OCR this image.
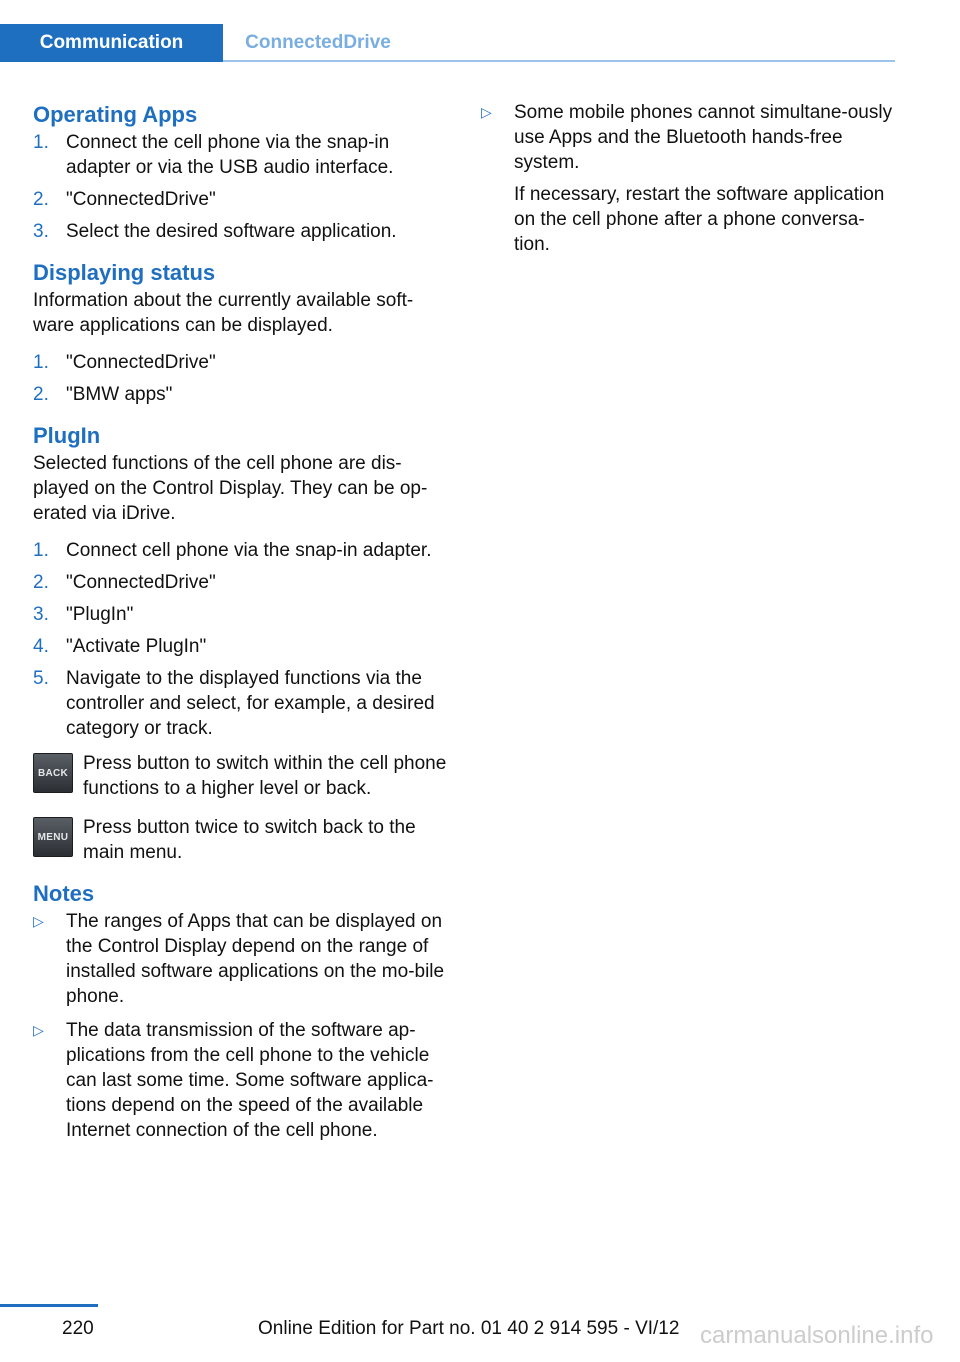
Communication	ConnectedDrive
Operating Apps
1. Connect the cell phone via the snap-in adapter or via the USB audio interface.
2. "ConnectedDrive"
3. Select the desired software application.
Displaying status

Information about the currently available soft‐ware applications can be displayed.

1. "ConnectedDrive"
2. "BMW apps"
PlugIn

Selected functions of the cell phone are dis‐played on the Control Display. They can be op‐erated via iDrive.

1. Connect cell phone via the snap-in adapter.
2. "ConnectedDrive"
3. "PlugIn"
4. "Activate PlugIn"
5. Navigate to the displayed functions via the controller and select, for example, a desired category or track.
BACK Press button to switch within the cell phone functions to a higher level or back.

MENU Press button twice to switch back to the main menu.

Notes
▷ The ranges of Apps that can be displayed on the Control Display depend on the range of installed software applications on the mo‐bile phone.
▷ The data transmission of the software ap‐plications from the cell phone to the vehicle can last some time. Some software applica‐tions depend on the speed of the available Internet connection of the cell phone.
▷ Some mobile phones cannot simultane‐ously use Apps and the Bluetooth hands-free system.

If necessary, restart the software application on the cell phone after a phone conversa‐tion.

220	Online Edition for Part no. 01 40 2 914 595 - VI/12 carmanualsonline.info
